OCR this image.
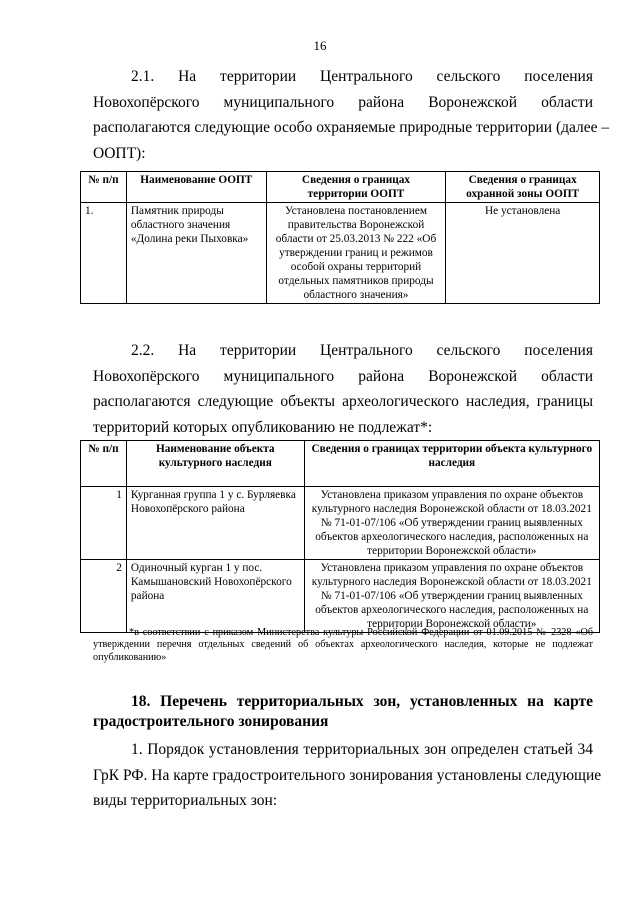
16
2.1. На территории Центрального сельского поселения
Новохопёрского муниципального района Воронежской области
располагаются следующие особо охраняемые природные территории (далее –
ООПТ):
№ п/п	Наименование ООПТ	Сведения о границах территории ООПТ	Сведения о границах охранной зоны ООПТ
1.	Памятник природы областного значения «Долина реки Пыховка»	Установлена постановлением правительства Воронежской области от 25.03.2013 № 222 «Об утверждении границ и режимов особой охраны территорий отдельных памятников природы областного значения»	Не установлена
2.2. На территории Центрального сельского поселения
Новохопёрского муниципального района Воронежской области
располагаются следующие объекты археологического наследия, границы
территорий которых опубликованию не подлежат*:
№ п/п	Наименование объекта культурного наследия	Сведения о границах территории объекта культурного наследия
1	Курганная группа 1 у с. Бурляевка Новохопёрского района	Установлена приказом управления по охране объектов культурного наследия Воронежской области от 18.03.2021 № 71-01-07/106 «Об утверждении границ выявленных объектов археологического наследия, расположенных на территории Воронежской области»
2	Одиночный курган 1 у пос. Камышановский Новохопёрского района	Установлена приказом управления по охране объектов культурного наследия Воронежской области от 18.03.2021 № 71-01-07/106 «Об утверждении границ выявленных объектов археологического наследия, расположенных на территории Воронежской области»
*в соответствии с приказом Министерства культуры Российской Федерации от 01.09.2015 № 2328 «Об утверждении перечня отдельных сведений об объектах археологического наследия, которые не подлежат опубликованию»
18. Перечень территориальных зон, установленных на карте
градостроительного зонирования
1. Порядок установления территориальных зон определен статьей 34
ГрК РФ. На карте градостроительного зонирования установлены следующие
виды территориальных зон:
